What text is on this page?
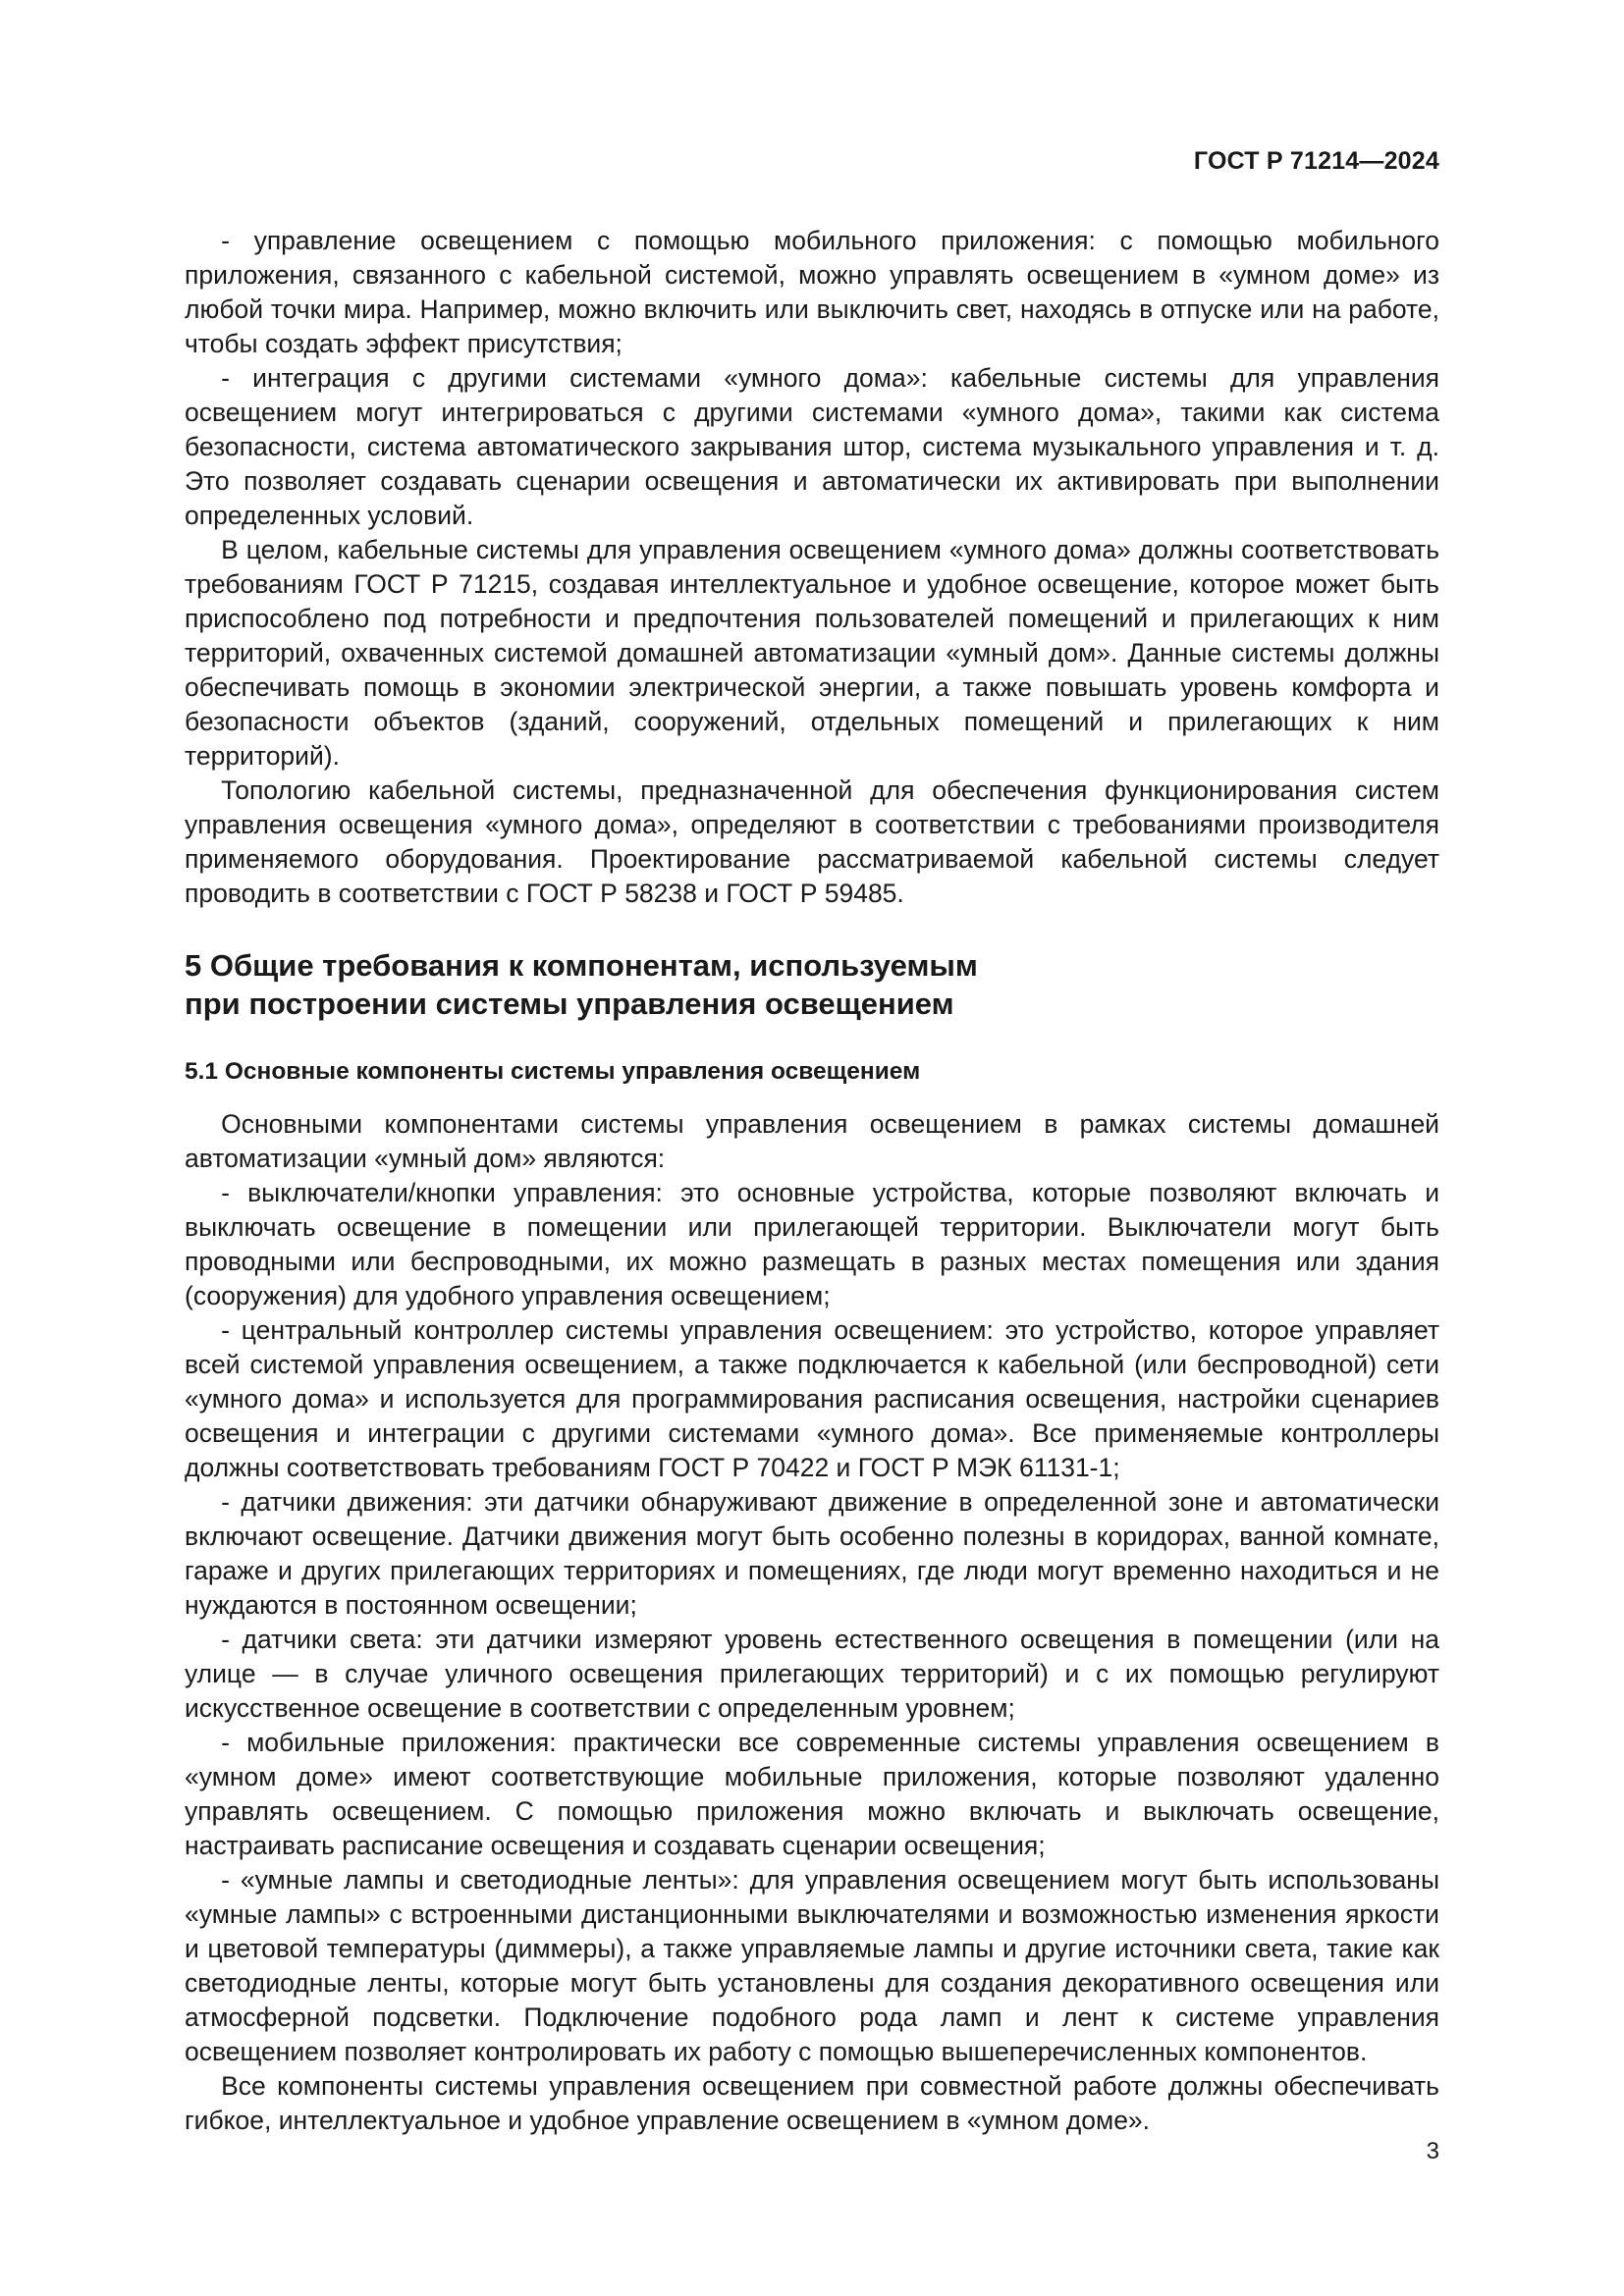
ГОСТ Р 71214—2024

- управление освещением с помощью мобильного приложения: с помощью мобильного приложения, связанного с кабельной системой, можно управлять освещением в «умном доме» из любой точки мира. Например, можно включить или выключить свет, находясь в отпуске или на работе, чтобы создать эффект присутствия;

- интеграция с другими системами «умного дома»: кабельные системы для управления освещением могут интегрироваться с другими системами «умного дома», такими как система безопасности, система автоматического закрывания штор, система музыкального управления и т. д. Это позволяет создавать сценарии освещения и автоматически их активировать при выполнении определенных условий.

В целом, кабельные системы для управления освещением «умного дома» должны соответствовать требованиям ГОСТ Р 71215, создавая интеллектуальное и удобное освещение, которое может быть приспособлено под потребности и предпочтения пользователей помещений и прилегающих к ним территорий, охваченных системой домашней автоматизации «умный дом». Данные системы должны обеспечивать помощь в экономии электрической энергии, а также повышать уровень комфорта и безопасности объектов (зданий, сооружений, отдельных помещений и прилегающих к ним территорий).

Топологию кабельной системы, предназначенной для обеспечения функционирования систем управления освещения «умного дома», определяют в соответствии с требованиями производителя применяемого оборудования. Проектирование рассматриваемой кабельной системы следует проводить в соответствии с ГОСТ Р 58238 и ГОСТ Р 59485.

5 Общие требования к компонентам, используемым
при построении системы управления освещением
5.1 Основные компоненты системы управления освещением

Основными компонентами системы управления освещением в рамках системы домашней автоматизации «умный дом» являются:

- выключатели/кнопки управления: это основные устройства, которые позволяют включать и выключать освещение в помещении или прилегающей территории. Выключатели могут быть проводными или беспроводными, их можно размещать в разных местах помещения или здания (сооружения) для удобного управления освещением;

- центральный контроллер системы управления освещением: это устройство, которое управляет всей системой управления освещением, а также подключается к кабельной (или беспроводной) сети «умного дома» и используется для программирования расписания освещения, настройки сценариев освещения и интеграции с другими системами «умного дома». Все применяемые контроллеры должны соответствовать требованиям ГОСТ Р 70422 и ГОСТ Р МЭК 61131-1;

- датчики движения: эти датчики обнаруживают движение в определенной зоне и автоматически включают освещение. Датчики движения могут быть особенно полезны в коридорах, ванной комнате, гараже и других прилегающих территориях и помещениях, где люди могут временно находиться и не нуждаются в постоянном освещении;

- датчики света: эти датчики измеряют уровень естественного освещения в помещении (или на улице — в случае уличного освещения прилегающих территорий) и с их помощью регулируют искусственное освещение в соответствии с определенным уровнем;

- мобильные приложения: практически все современные системы управления освещением в «умном доме» имеют соответствующие мобильные приложения, которые позволяют удаленно управлять освещением. С помощью приложения можно включать и выключать освещение, настраивать расписание освещения и создавать сценарии освещения;

- «умные лампы и светодиодные ленты»: для управления освещением могут быть использованы «умные лампы» с встроенными дистанционными выключателями и возможностью изменения яркости и цветовой температуры (диммеры), а также управляемые лампы и другие источники света, такие как светодиодные ленты, которые могут быть установлены для создания декоративного освещения или атмосферной подсветки. Подключение подобного рода ламп и лент к системе управления освещением позволяет контролировать их работу с помощью вышеперечисленных компонентов.

Все компоненты системы управления освещением при совместной работе должны обеспечивать гибкое, интеллектуальное и удобное управление освещением в «умном доме».

3
